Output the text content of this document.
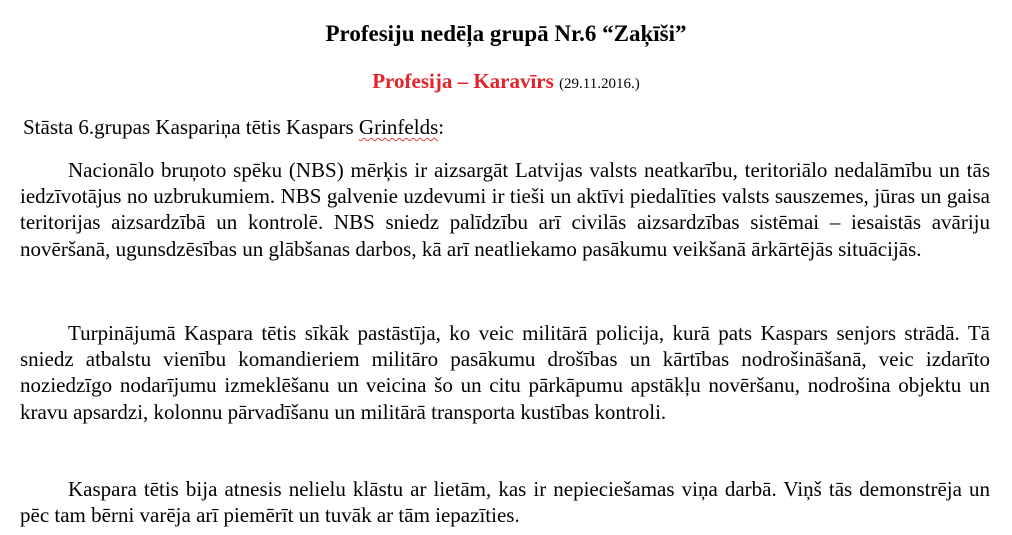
Profesiju nedēļa grupā Nr.6 “Zaķīši”
Profesija – Karavīrs (29.11.2016.)
Stāsta 6.grupas Kaspariņa tētis Kaspars Grinfelds:

Nacionālo bruņoto spēku (NBS) mērķis ir aizsargāt Latvijas valsts neatkarību, teritoriālo nedalāmību un tās iedzīvotājus no uzbrukumiem. NBS galvenie uzdevumi ir tieši un aktīvi piedalīties valsts sauszemes, jūras un gaisa teritorijas aizsardzībā un kontrolē. NBS sniedz palīdzību arī civilās aizsardzības sistēmai – iesaistās avāriju novēršanā, ugunsdzēsības un glābšanas darbos, kā arī neatliekamo pasākumu veikšanā ārkārtējās situācijās.

Turpinājumā Kaspara tētis sīkāk pastāstīja, ko veic militārā policija, kurā pats Kaspars senjors strādā. Tā sniedz atbalstu vienību komandieriem militāro pasākumu drošības un kārtības nodrošināšanā, veic izdarīto noziedzīgo nodarījumu izmeklēšanu un veicina šo un citu pārkāpumu apstākļu novēršanu, nodrošina objektu un kravu apsardzi, kolonnu pārvadīšanu un militārā transporta kustības kontroli.

Kaspara tētis bija atnesis nelielu klāstu ar lietām, kas ir nepieciešamas viņa darbā. Viņš tās demonstrēja un pēc tam bērni varēja arī piemērīt un tuvāk ar tām iepazīties.
